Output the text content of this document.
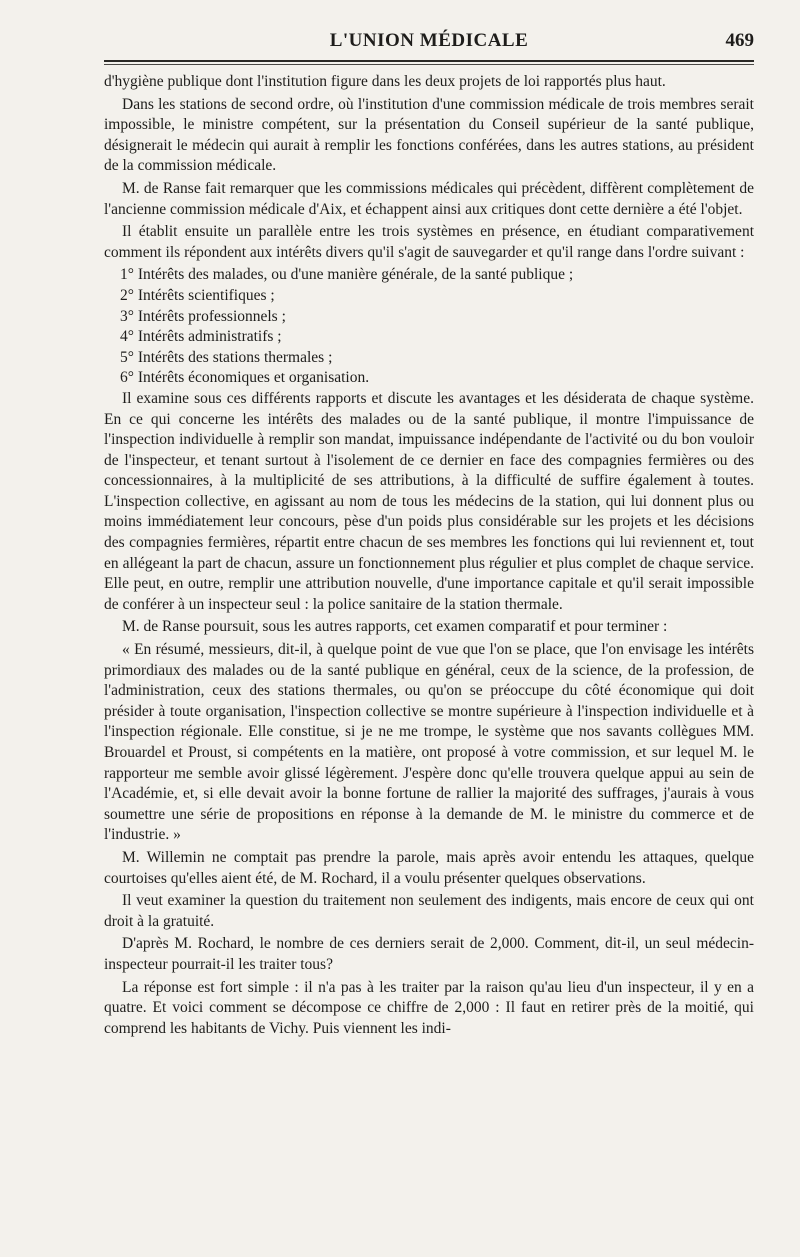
L'UNION MÉDICALE	469

d'hygiène publique dont l'institution figure dans les deux projets de loi rapportés plus haut.

Dans les stations de second ordre, où l'institution d'une commission médicale de trois membres serait impossible, le ministre compétent, sur la présentation du Conseil supérieur de la santé publique, désignerait le médecin qui aurait à remplir les fonctions conférées, dans les autres stations, au président de la commission médicale.

M. de Ranse fait remarquer que les commissions médicales qui précèdent, diffèrent complètement de l'ancienne commission médicale d'Aix, et échappent ainsi aux critiques dont cette dernière a été l'objet.

Il établit ensuite un parallèle entre les trois systèmes en présence, en étudiant comparativement comment ils répondent aux intérêts divers qu'il s'agit de sauvegarder et qu'il range dans l'ordre suivant :

1° Intérêts des malades, ou d'une manière générale, de la santé publique ;

2° Intérêts scientifiques ;

3° Intérêts professionnels ;

4° Intérêts administratifs ;

5° Intérêts des stations thermales ;

6° Intérêts économiques et organisation.

Il examine sous ces différents rapports et discute les avantages et les désiderata de chaque système. En ce qui concerne les intérêts des malades ou de la santé publique, il montre l'impuissance de l'inspection individuelle à remplir son mandat, impuissance indépendante de l'activité ou du bon vouloir de l'inspecteur, et tenant surtout à l'isolement de ce dernier en face des compagnies fermières ou des concessionnaires, à la multiplicité de ses attributions, à la difficulté de suffire également à toutes. L'inspection collective, en agissant au nom de tous les médecins de la station, qui lui donnent plus ou moins immédiatement leur concours, pèse d'un poids plus considérable sur les projets et les décisions des compagnies fermières, répartit entre chacun de ses membres les fonctions qui lui reviennent et, tout en allégeant la part de chacun, assure un fonctionnement plus régulier et plus complet de chaque service. Elle peut, en outre, remplir une attribution nouvelle, d'une importance capitale et qu'il serait impossible de conférer à un inspecteur seul : la police sanitaire de la station thermale.

M. de Ranse poursuit, sous les autres rapports, cet examen comparatif et pour terminer :

« En résumé, messieurs, dit-il, à quelque point de vue que l'on se place, que l'on envisage les intérêts primordiaux des malades ou de la santé publique en général, ceux de la science, de la profession, de l'administration, ceux des stations thermales, ou qu'on se préoccupe du côté économique qui doit présider à toute organisation, l'inspection collective se montre supérieure à l'inspection individuelle et à l'inspection régionale. Elle constitue, si je ne me trompe, le système que nos savants collègues MM. Brouardel et Proust, si compétents en la matière, ont proposé à votre commission, et sur lequel M. le rapporteur me semble avoir glissé légèrement. J'espère donc qu'elle trouvera quelque appui au sein de l'Académie, et, si elle devait avoir la bonne fortune de rallier la majorité des suffrages, j'aurais à vous soumettre une série de propositions en réponse à la demande de M. le ministre du commerce et de l'industrie. »

M. Willemin ne comptait pas prendre la parole, mais après avoir entendu les attaques, quelque courtoises qu'elles aient été, de M. Rochard, il a voulu présenter quelques observations.

Il veut examiner la question du traitement non seulement des indigents, mais encore de ceux qui ont droit à la gratuité.

D'après M. Rochard, le nombre de ces derniers serait de 2,000. Comment, dit-il, un seul médecin-inspecteur pourrait-il les traiter tous?

La réponse est fort simple : il n'a pas à les traiter par la raison qu'au lieu d'un inspecteur, il y en a quatre. Et voici comment se décompose ce chiffre de 2,000 : Il faut en retirer près de la moitié, qui comprend les habitants de Vichy. Puis viennent les indi-
